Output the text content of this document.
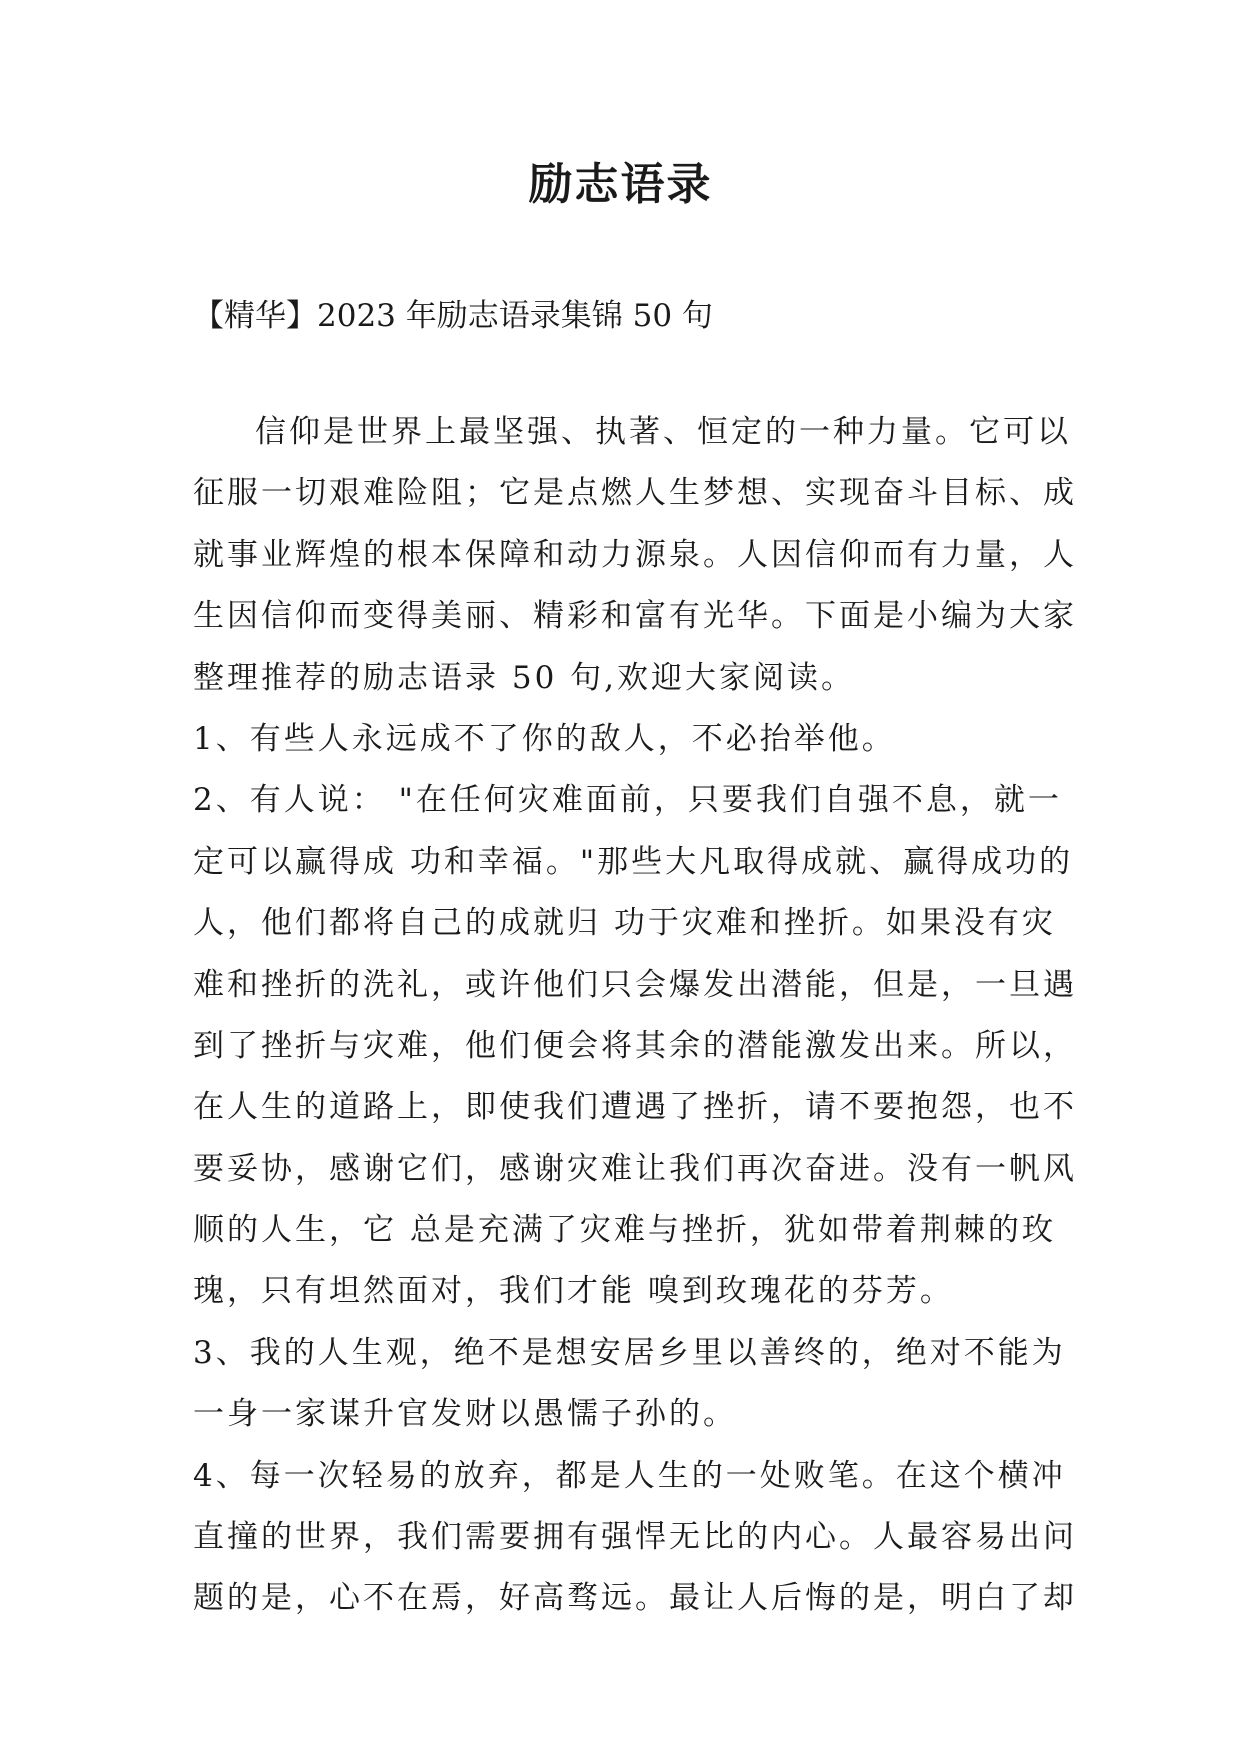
励志语录
【精华】2023 年励志语录集锦 50 句
信仰是世界上最坚强、执著、恒定的一种力量。它可以
征服一切艰难险阻；它是点燃人生梦想、实现奋斗目标、成
就事业辉煌的根本保障和动力源泉。人因信仰而有力量，人
生因信仰而变得美丽、精彩和富有光华。下面是小编为大家
整理推荐的励志语录 50 句,欢迎大家阅读。
1、有些人永远成不了你的敌人，不必抬举他。
2、有人说： "在任何灾难面前，只要我们自强不息，就一
定可以赢得成 功和幸福。"那些大凡取得成就、赢得成功的
人，他们都将自己的成就归 功于灾难和挫折。如果没有灾
难和挫折的洗礼，或许他们只会爆发出潜能，但是，一旦遇
到了挫折与灾难，他们便会将其余的潜能激发出来。所以，
在人生的道路上，即使我们遭遇了挫折，请不要抱怨，也不
要妥协，感谢它们，感谢灾难让我们再次奋进。没有一帆风
顺的人生，它 总是充满了灾难与挫折，犹如带着荆棘的玫
瑰，只有坦然面对，我们才能 嗅到玫瑰花的芬芳。
3、我的人生观，绝不是想安居乡里以善终的，绝对不能为
一身一家谋升官发财以愚懦子孙的。
4、每一次轻易的放弃，都是人生的一处败笔。在这个横冲
直撞的世界，我们需要拥有强悍无比的内心。人最容易出问
题的是，心不在焉，好高骛远。最让人后悔的是，明白了却
